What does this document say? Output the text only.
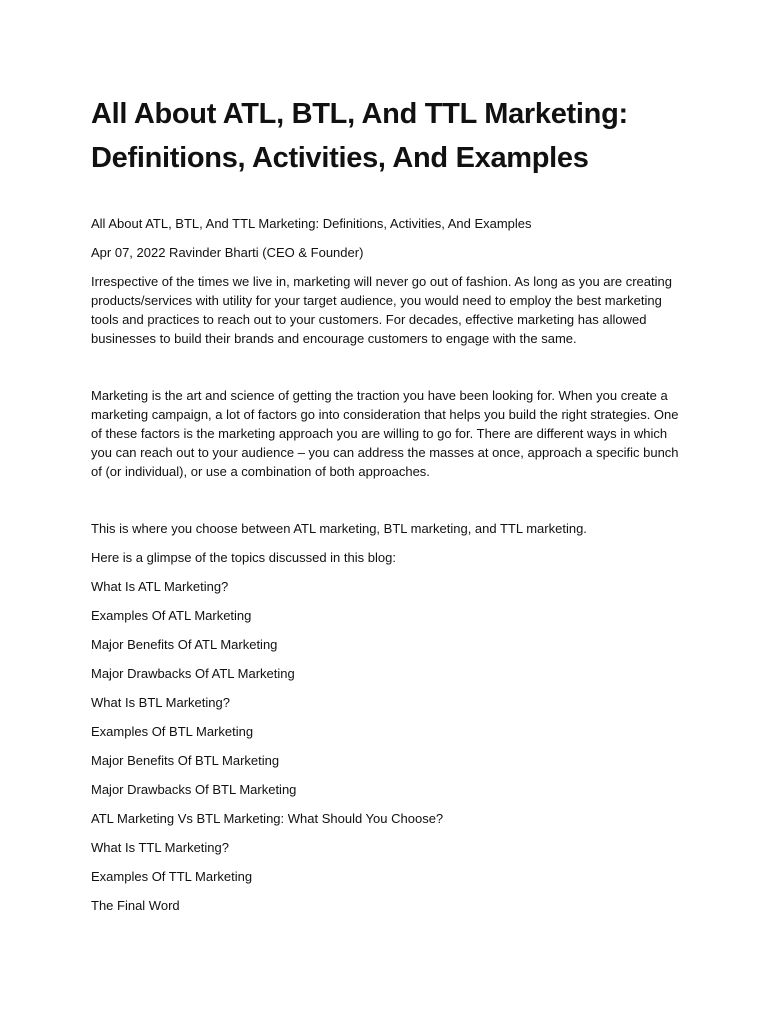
All About ATL, BTL, And TTL Marketing:
Definitions, Activities, And Examples

All About ATL, BTL, And TTL Marketing: Definitions, Activities, And Examples

Apr 07, 2022 Ravinder Bharti (CEO & Founder)

Irrespective of the times we live in, marketing will never go out of fashion. As long as you are creating products/services with utility for your target audience, you would need to employ the best marketing tools and practices to reach out to your customers. For decades, effective marketing has allowed businesses to build their brands and encourage customers to engage with the same.

Marketing is the art and science of getting the traction you have been looking for. When you create a marketing campaign, a lot of factors go into consideration that helps you build the right strategies. One of these factors is the marketing approach you are willing to go for. There are different ways in which you can reach out to your audience – you can address the masses at once, approach a specific bunch of (or individual), or use a combination of both approaches.

This is where you choose between ATL marketing, BTL marketing, and TTL marketing.

Here is a glimpse of the topics discussed in this blog:

What Is ATL Marketing?
Examples Of ATL Marketing
Major Benefits Of ATL Marketing
Major Drawbacks Of ATL Marketing
What Is BTL Marketing?
Examples Of BTL Marketing
Major Benefits Of BTL Marketing
Major Drawbacks Of BTL Marketing
ATL Marketing Vs BTL Marketing: What Should You Choose?
What Is TTL Marketing?
Examples Of TTL Marketing
The Final Word
